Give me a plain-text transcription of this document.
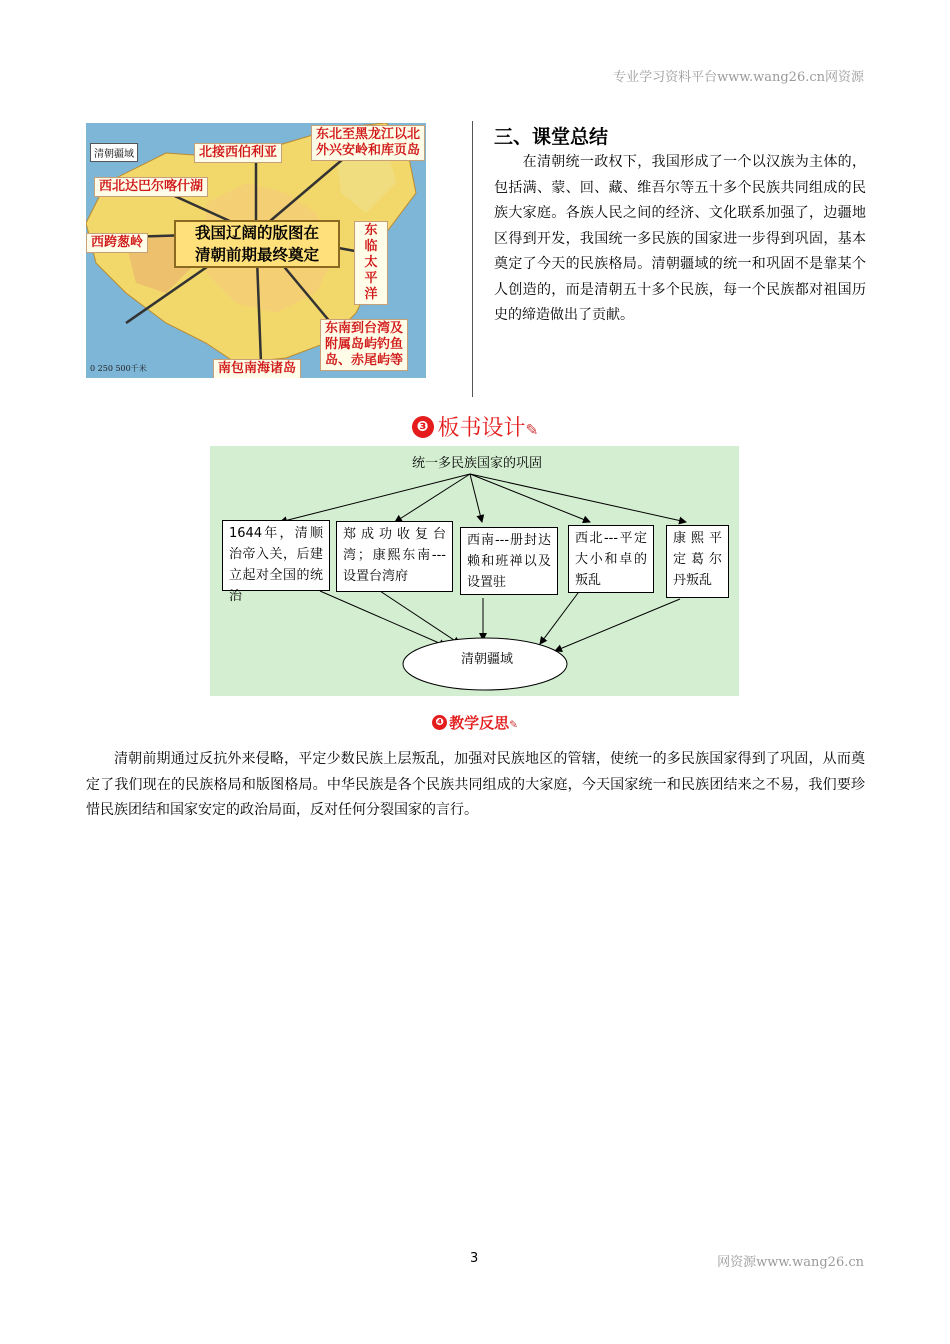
专业学习资料平台www.wang26.cn网资源
清朝疆域	北接西伯利亚
东北至黑龙江以北
外兴安岭和库页岛
西北达巴尔喀什湖
西跨葱岭
东临太平洋
东南到台湾及
附属岛屿钓鱼
岛、赤尾屿等
南包南海诸岛
我国辽阔的版图在
清朝前期最终奠定
0 250 500千米
三、课堂总结
　　在清朝统一政权下，我国形成了一个以汉族为主体的，包括满、蒙、回、藏、维吾尔等五十多个民族共同组成的民族大家庭。各族人民之间的经济、文化联系加强了，边疆地区得到开发，我国统一多民族的国家进一步得到巩固，基本奠定了今天的民族格局。清朝疆域的统一和巩固不是靠某个人创造的，而是清朝五十多个民族，每一个民族都对祖国历史的缔造做出了贡献。
❸ 板书设计✎
统一多民族国家的巩固
1644年，清顺治帝入关，后建立起对全国的统治
郑成功收复台湾；康熙东南---设置台湾府
西南---册封达赖和班禅以及设置驻
西北---平定大小和卓的叛乱
康熙平定葛尔丹叛乱
清朝疆域
❹ 教学反思✎
清朝前期通过反抗外来侵略，平定少数民族上层叛乱，加强对民族地区的管辖，使统一的多民族国家得到了巩固，从而奠定了我们现在的民族格局和版图格局。中华民族是各个民族共同组成的大家庭，今天国家统一和民族团结来之不易，我们要珍惜民族团结和国家安定的政治局面，反对任何分裂国家的言行。
3	网资源www.wang26.cn
